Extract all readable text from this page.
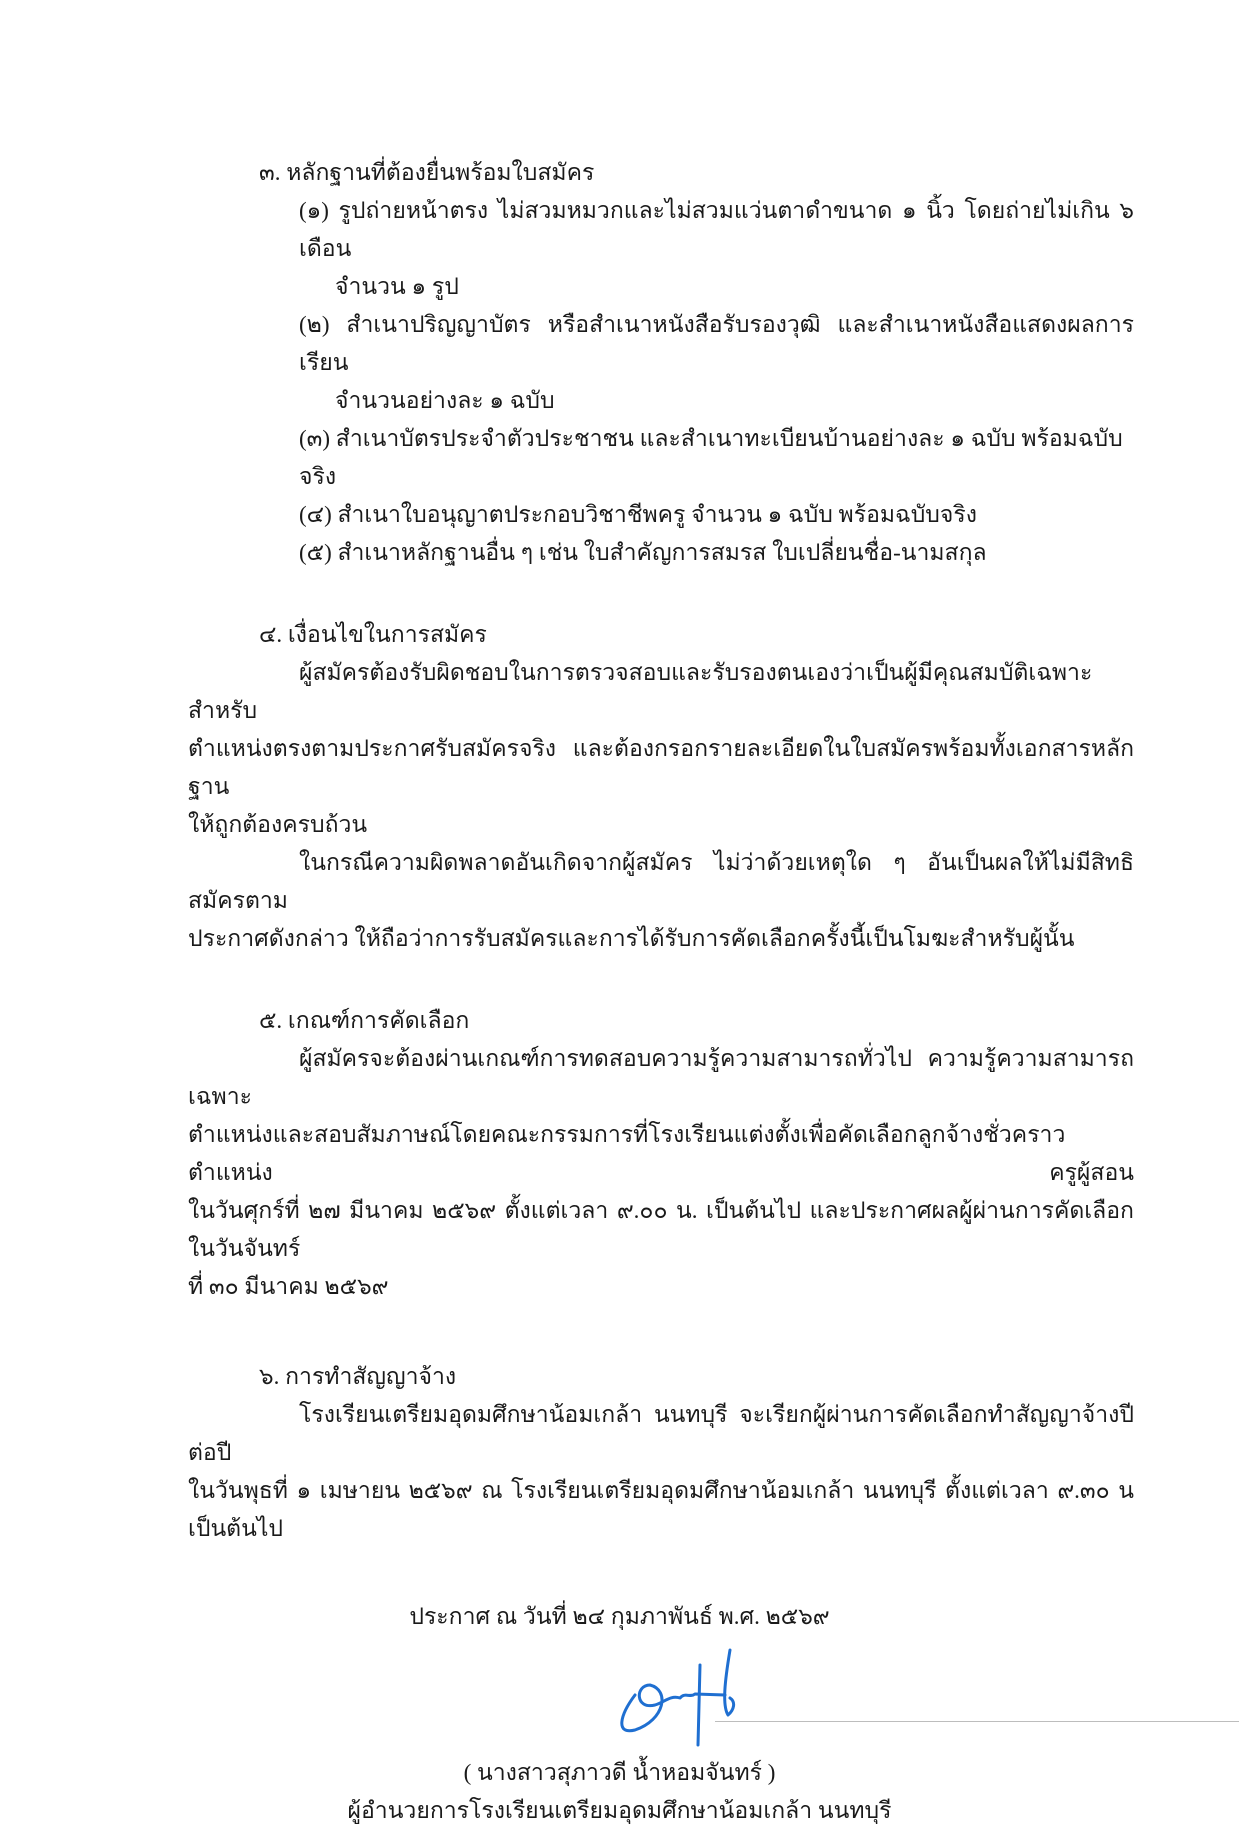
๓. หลักฐานที่ต้องยื่นพร้อมใบสมัคร
(๑) รูปถ่ายหน้าตรง ไม่สวมหมวกและไม่สวมแว่นตาดำขนาด ๑ นิ้ว โดยถ่ายไม่เกิน ๖ เดือน
จำนวน ๑ รูป
(๒) สำเนาปริญญาบัตร หรือสำเนาหนังสือรับรองวุฒิ และสำเนาหนังสือแสดงผลการเรียน
จำนวนอย่างละ ๑ ฉบับ
(๓) สำเนาบัตรประจำตัวประชาชน และสำเนาทะเบียนบ้านอย่างละ ๑ ฉบับ พร้อมฉบับจริง
(๔) สำเนาใบอนุญาตประกอบวิชาชีพครู จำนวน ๑ ฉบับ พร้อมฉบับจริง
(๕) สำเนาหลักฐานอื่น ๆ เช่น ใบสำคัญการสมรส ใบเปลี่ยนชื่อ-นามสกุล
๔. เงื่อนไขในการสมัคร
ผู้สมัครต้องรับผิดชอบในการตรวจสอบและรับรองตนเองว่าเป็นผู้มีคุณสมบัติเฉพาะสำหรับ
ตำแหน่งตรงตามประกาศรับสมัครจริง และต้องกรอกรายละเอียดในใบสมัครพร้อมทั้งเอกสารหลักฐาน
ให้ถูกต้องครบถ้วน
ในกรณีความผิดพลาดอันเกิดจากผู้สมัคร ไม่ว่าด้วยเหตุใด ๆ อันเป็นผลให้ไม่มีสิทธิสมัครตาม
ประกาศดังกล่าว ให้ถือว่าการรับสมัครและการได้รับการคัดเลือกครั้งนี้เป็นโมฆะสำหรับผู้นั้น
๕. เกณฑ์การคัดเลือก
ผู้สมัครจะต้องผ่านเกณฑ์การทดสอบความรู้ความสามารถทั่วไป ความรู้ความสามารถเฉพาะ
ตำแหน่งและสอบสัมภาษณ์โดยคณะกรรมการที่โรงเรียนแต่งตั้งเพื่อคัดเลือกลูกจ้างชั่วคราว ตำแหน่ง ครูผู้สอน
ในวันศุกร์ที่ ๒๗ มีนาคม ๒๕๖๙ ตั้งแต่เวลา ๙.๐๐ น. เป็นต้นไป และประกาศผลผู้ผ่านการคัดเลือกในวันจันทร์
ที่ ๓๐ มีนาคม ๒๕๖๙
๖. การทำสัญญาจ้าง
โรงเรียนเตรียมอุดมศึกษาน้อมเกล้า นนทบุรี จะเรียกผู้ผ่านการคัดเลือกทำสัญญาจ้างปีต่อปี
ในวันพุธที่ ๑ เมษายน ๒๕๖๙ ณ โรงเรียนเตรียมอุดมศึกษาน้อมเกล้า นนทบุรี ตั้งแต่เวลา ๙.๓๐ น เป็นต้นไป
ประกาศ ณ วันที่ ๒๔ กุมภาพันธ์ พ.ศ. ๒๕๖๙
( นางสาวสุภาวดี น้ำหอมจันทร์ )
ผู้อำนวยการโรงเรียนเตรียมอุดมศึกษาน้อมเกล้า นนทบุรี
